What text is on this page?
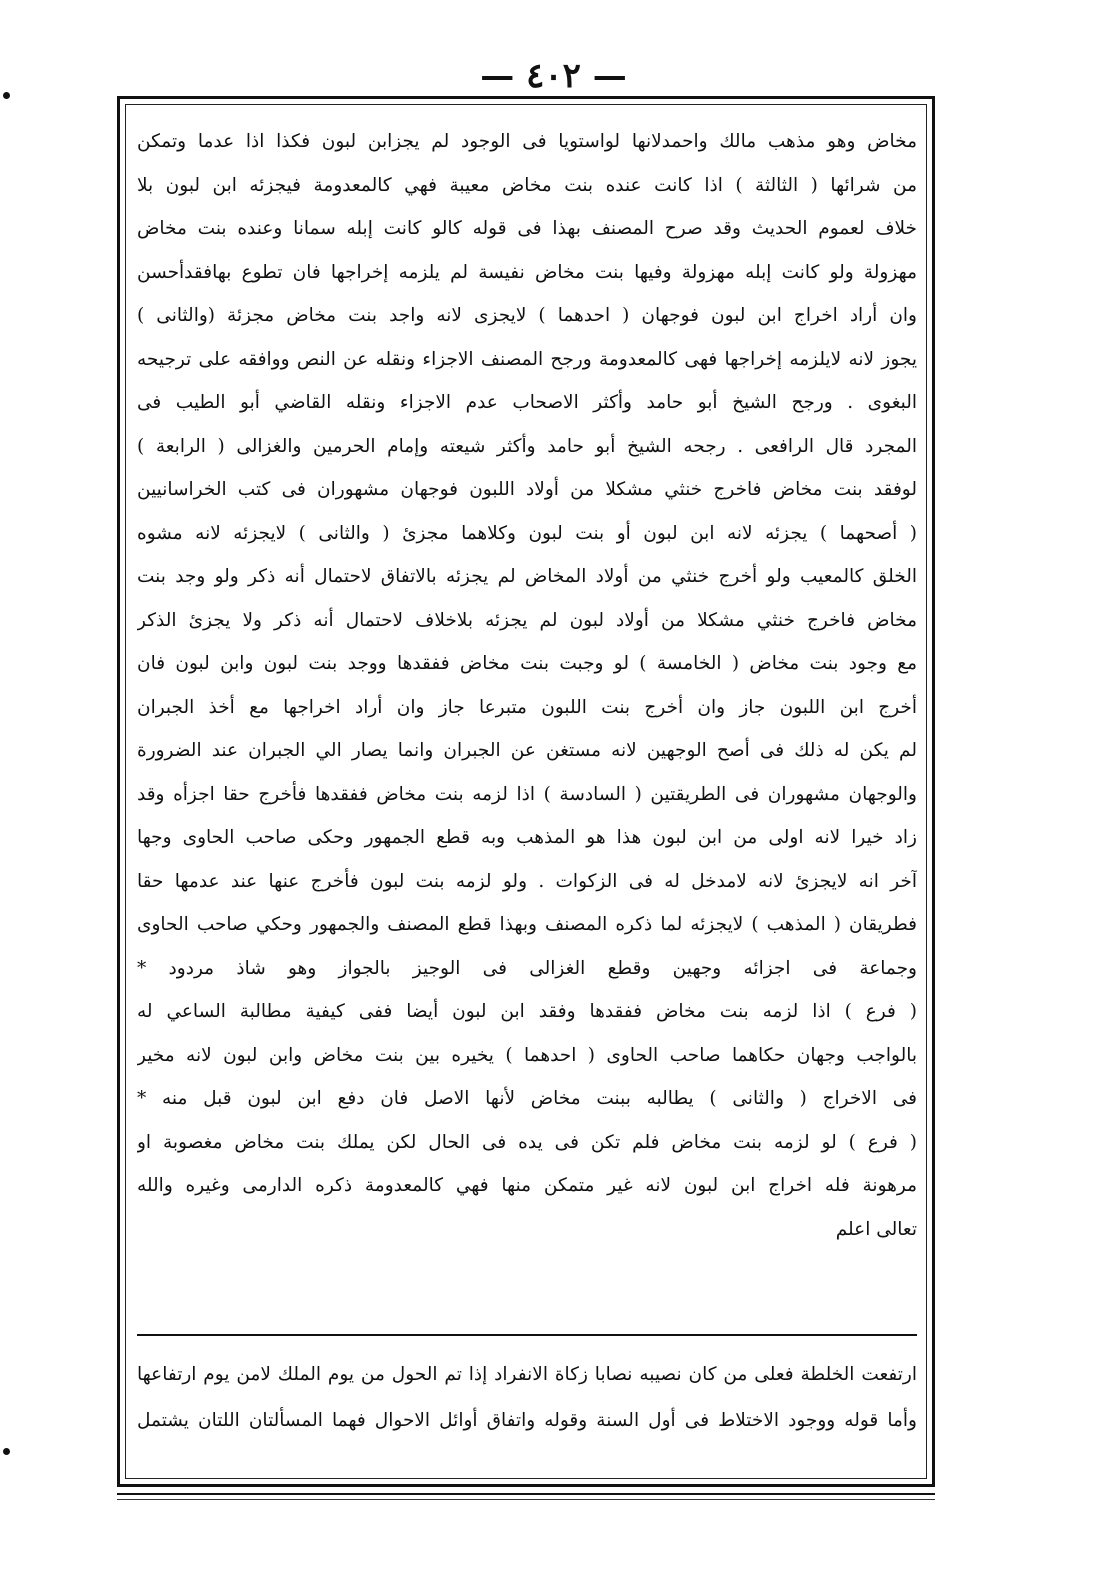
— ٤٠٢ —
مخاض وهو مذهب مالك واحمدلانها لواستويا فى الوجود لم يجزابن لبون فكذا اذا عدما وتمكن
من شرائها ( الثالثة ) اذا كانت عنده بنت مخاض معيبة فهي كالمعدومة فيجزئه ابن لبون بلا
خلاف لعموم الحديث وقد صرح المصنف بهذا فى قوله كالو كانت إبله سمانا وعنده بنت مخاض
مهزولة ولو كانت إبله مهزولة وفيها بنت مخاض نفيسة لم يلزمه إخراجها فان تطوع بهافقدأحسن
وان أراد اخراج ابن لبون فوجهان ( احدهما ) لايجزى لانه واجد بنت مخاض مجزئة (والثانى )
يجوز لانه لايلزمه إخراجها فهى كالمعدومة ورجح المصنف الاجزاء ونقله عن النص ووافقه على ترجيحه
البغوى . ورجح الشيخ أبو حامد وأكثر الاصحاب عدم الاجزاء ونقله القاضي أبو الطيب فى
المجرد قال الرافعى . رجحه الشيخ أبو حامد وأكثر شيعته وإمام الحرمين والغزالى ( الرابعة )
لوفقد بنت مخاض فاخرج خنثي مشكلا من أولاد اللبون فوجهان مشهوران فى كتب الخراسانيين
( أصحهما ) يجزئه لانه ابن لبون أو بنت لبون وكلاهما مجزئ ( والثانى ) لايجزئه لانه مشوه
الخلق كالمعيب ولو أخرج خنثي من أولاد المخاض لم يجزئه بالاتفاق لاحتمال أنه ذكر ولو وجد بنت
مخاض فاخرج خنثي مشكلا من أولاد لبون لم يجزئه بلاخلاف لاحتمال أنه ذكر ولا يجزئ الذكر
مع وجود بنت مخاض ( الخامسة ) لو وجبت بنت مخاض ففقدها ووجد بنت لبون وابن لبون فان
أخرج ابن اللبون جاز وان أخرج بنت اللبون متبرعا جاز وان أراد اخراجها مع أخذ الجبران
لم يكن له ذلك فى أصح الوجهين لانه مستغن عن الجبران وانما يصار الي الجبران عند الضرورة
والوجهان مشهوران فى الطريقتين ( السادسة ) اذا لزمه بنت مخاض ففقدها فأخرج حقا اجزأه وقد
زاد خيرا لانه اولى من ابن لبون هذا هو المذهب وبه قطع الجمهور وحكى صاحب الحاوى وجها
آخر انه لايجزئ لانه لامدخل له فى الزكوات . ولو لزمه بنت لبون فأخرج عنها عند عدمها حقا
فطريقان ( المذهب ) لايجزئه لما ذكره المصنف وبهذا قطع المصنف والجمهور وحكي صاحب الحاوى
وجماعة فى اجزائه وجهين وقطع الغزالى فى الوجيز بالجواز وهو شاذ مردود *
( فرع ) اذا لزمه بنت مخاض ففقدها وفقد ابن لبون أيضا ففى كيفية مطالبة الساعي له
بالواجب وجهان حكاهما صاحب الحاوى ( احدهما ) يخيره بين بنت مخاض وابن لبون لانه مخير
فى الاخراج ( والثانى ) يطالبه ببنت مخاض لأنها الاصل فان دفع ابن لبون قبل منه *
( فرع ) لو لزمه بنت مخاض فلم تكن فى يده فى الحال لكن يملك بنت مخاض مغصوبة او
مرهونة فله اخراج ابن لبون لانه غير متمكن منها فهي كالمعدومة ذكره الدارمى وغيره والله
تعالى اعلم
ارتفعت الخلطة فعلى من كان نصيبه نصابا زكاة الانفراد إذا تم الحول من يوم الملك لامن يوم ارتفاعها
وأما قوله ووجود الاختلاط فى أول السنة وقوله واتفاق أوائل الاحوال فهما المسألتان اللتان يشتمل
